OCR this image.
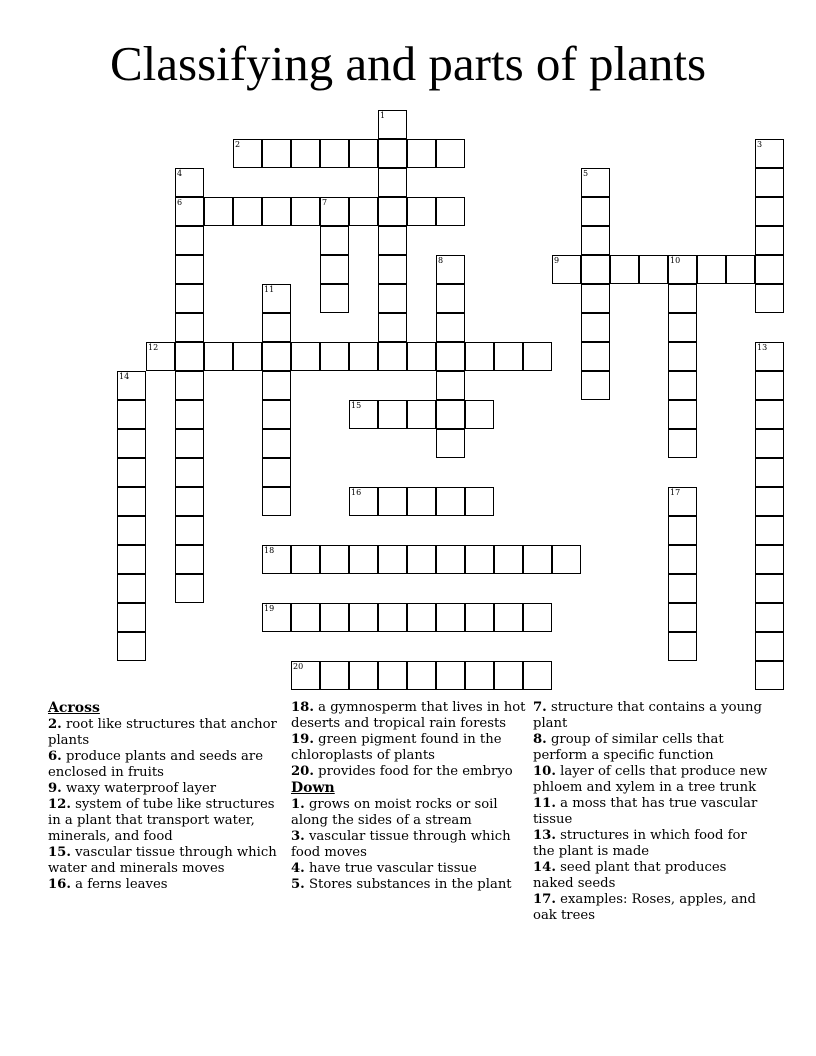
Classifying and parts of plants
1
2	3
4
6
5
7
8	9	10
11
12	13
14
15
16	17
18
19
20
Across
2. root like structures that anchor plants
6. produce plants and seeds are enclosed in fruits
9. waxy waterproof layer
12. system of tube like structures in a plant that transport water, minerals, and food
15. vascular tissue through which water and minerals moves
16. a ferns leaves
18. a gymnosperm that lives in hot deserts and tropical rain forests
19. green pigment found in the chloroplasts of plants
20. provides food for the embryo
Down
1. grows on moist rocks or soil along the sides of a stream
3. vascular tissue through which food moves
4. have true vascular tissue
5. Stores substances in the plant
7. structure that contains a young plant
8. group of similar cells that perform a specific function
10. layer of cells that produce new phloem and xylem in a tree trunk
11. a moss that has true vascular tissue
13. structures in which food for the plant is made
14. seed plant that produces naked seeds
17. examples: Roses, apples, and oak trees
